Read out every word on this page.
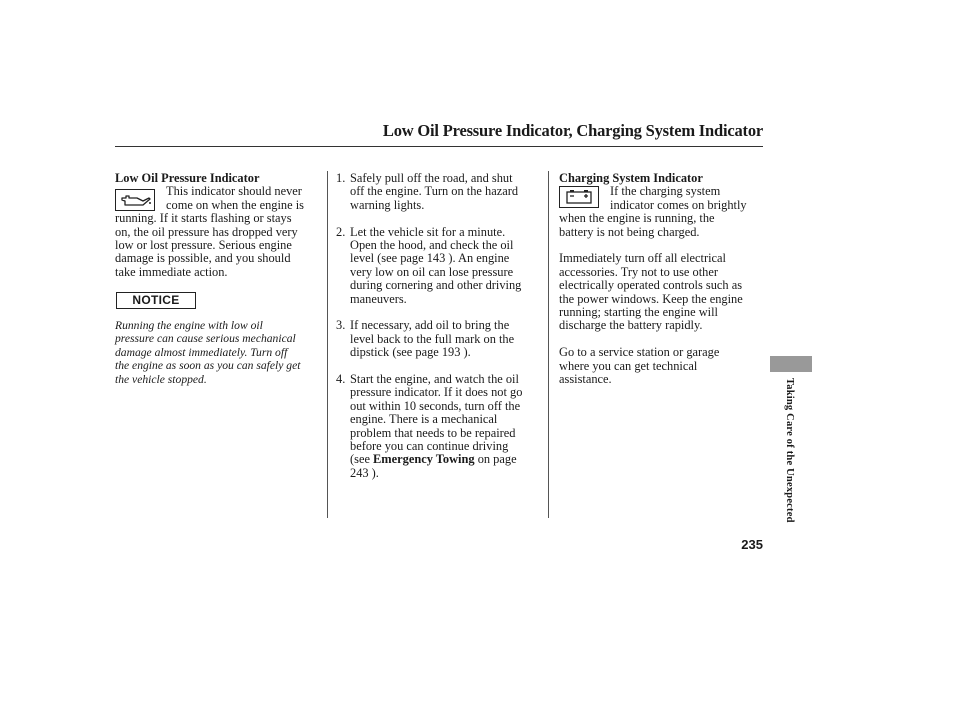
Low Oil Pressure Indicator, Charging System Indicator
Low Oil Pressure Indicator
This indicator should never
come on when the engine is
running. If it starts flashing or stays
on, the oil pressure has dropped very
low or lost pressure. Serious engine
damage is possible, and you should
take immediate action.
NOTICE
Running the engine with low oil
pressure can cause serious mechanical
damage almost immediately. Turn off
the engine as soon as you can safely get
the vehicle stopped.
1. Safely pull off the road, and shut
off the engine. Turn on the hazard
warning lights.
2. Let the vehicle sit for a minute.
Open the hood, and check the oil
level (see page 143 ). An engine
very low on oil can lose pressure
during cornering and other driving
maneuvers.
3. If necessary, add oil to bring the
level back to the full mark on the
dipstick (see page 193 ).
4. Start the engine, and watch the oil
pressure indicator. If it does not go
out within 10 seconds, turn off the
engine. There is a mechanical
problem that needs to be repaired
before you can continue driving
(see Emergency Towing on page
243 ).
Charging System Indicator
If the charging system
indicator comes on brightly
when the engine is running, the
battery is not being charged.
Immediately turn off all electrical
accessories. Try not to use other
electrically operated controls such as
the power windows. Keep the engine
running; starting the engine will
discharge the battery rapidly.
Go to a service station or garage
where you can get technical
assistance.	Taking Care of the Unexpected
235
